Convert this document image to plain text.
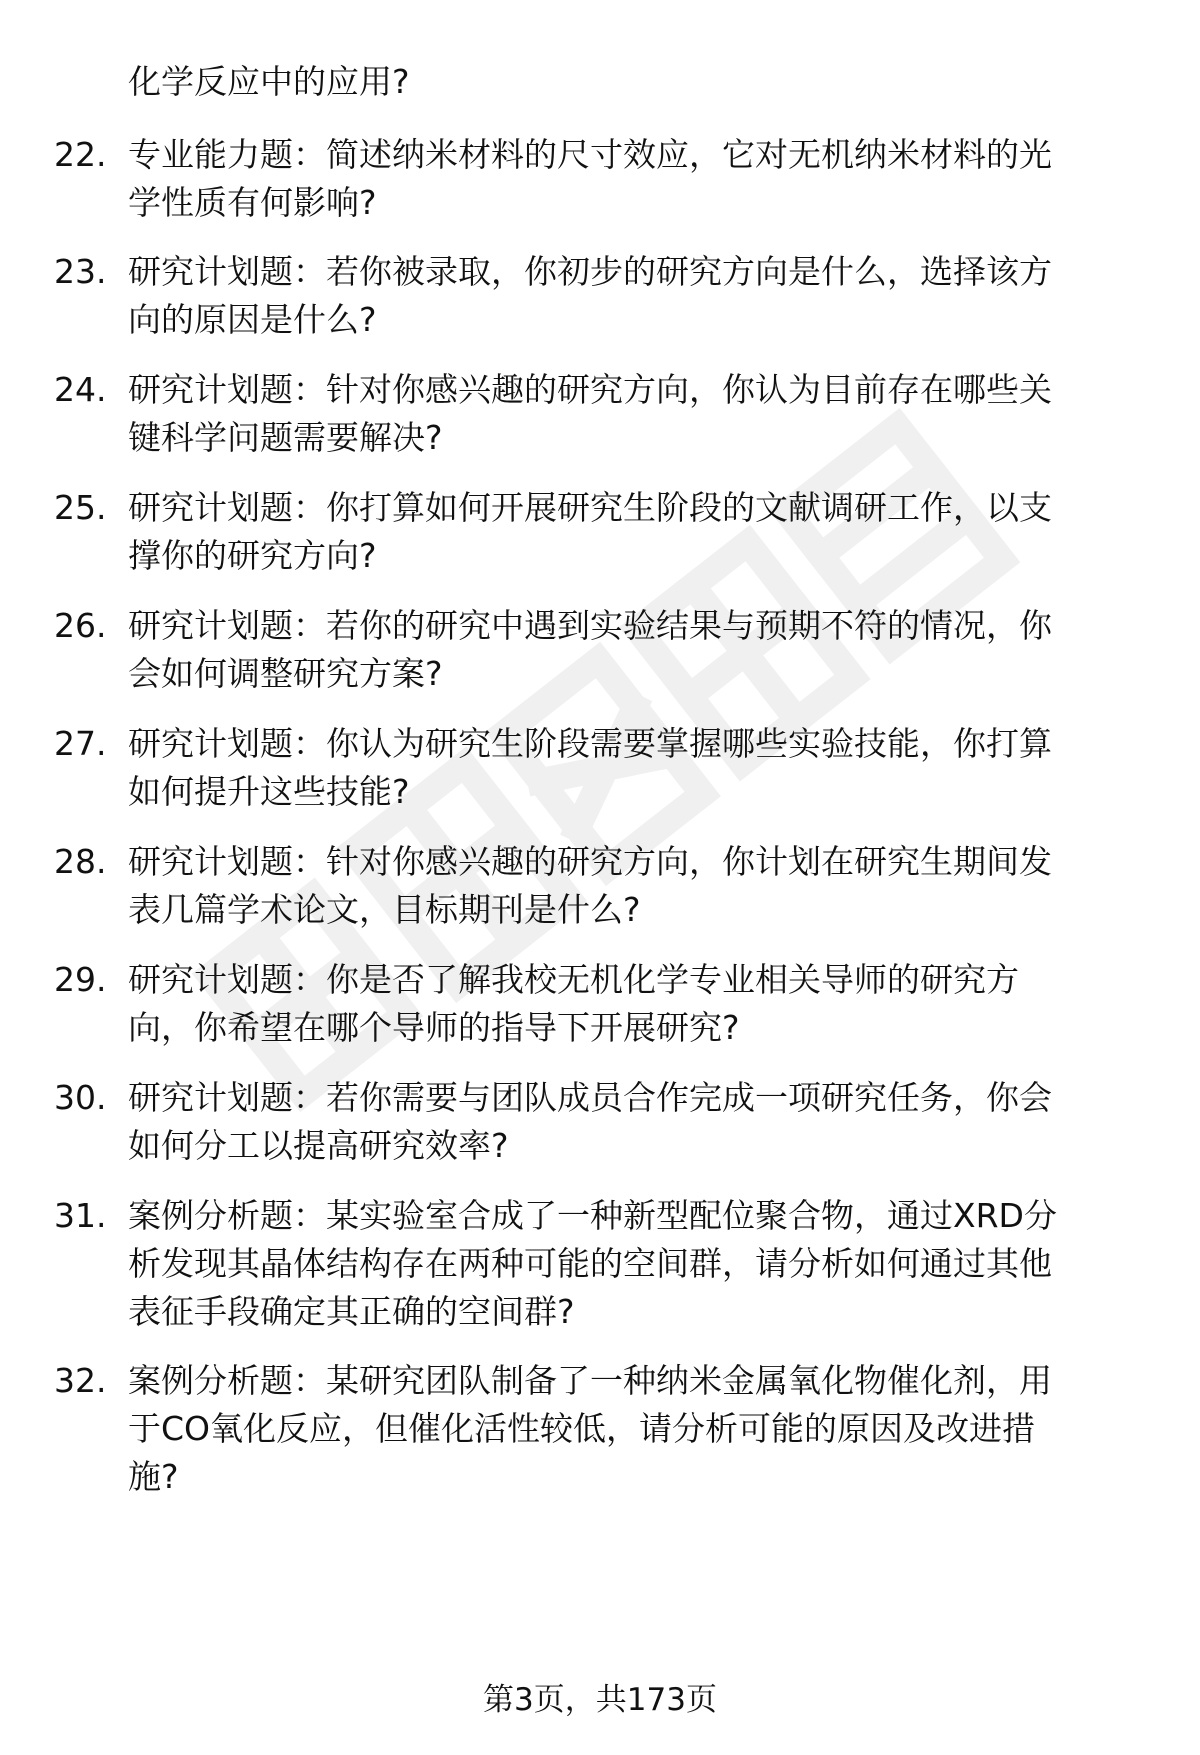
化学反应中的应用?
22. 专业能力题：简述纳米材料的尺寸效应，它对无机纳米材料的光
学性质有何影响?
23. 研究计划题：若你被录取，你初步的研究方向是什么，选择该方
向的原因是什么?
24. 研究计划题：针对你感兴趣的研究方向，你认为目前存在哪些关
键科学问题需要解决?
25. 研究计划题：你打算如何开展研究生阶段的文献调研工作，以支
撑你的研究方向?
26. 研究计划题：若你的研究中遇到实验结果与预期不符的情况，你
会如何调整研究方案?
27. 研究计划题：你认为研究生阶段需要掌握哪些实验技能，你打算
如何提升这些技能?
28. 研究计划题：针对你感兴趣的研究方向，你计划在研究生期间发
表几篇学术论文，目标期刊是什么?
29. 研究计划题：你是否了解我校无机化学专业相关导师的研究方
向，你希望在哪个导师的指导下开展研究?
30. 研究计划题：若你需要与团队成员合作完成一项研究任务，你会
如何分工以提高研究效率?
31. 案例分析题：某实验室合成了一种新型配位聚合物，通过XRD分
析发现其晶体结构存在两种可能的空间群，请分析如何通过其他
表征手段确定其正确的空间群?
32. 案例分析题：某研究团队制备了一种纳米金属氧化物催化剂，用
于CO氧化反应，但催化活性较低，请分析可能的原因及改进措
施?
第3页，共173页
